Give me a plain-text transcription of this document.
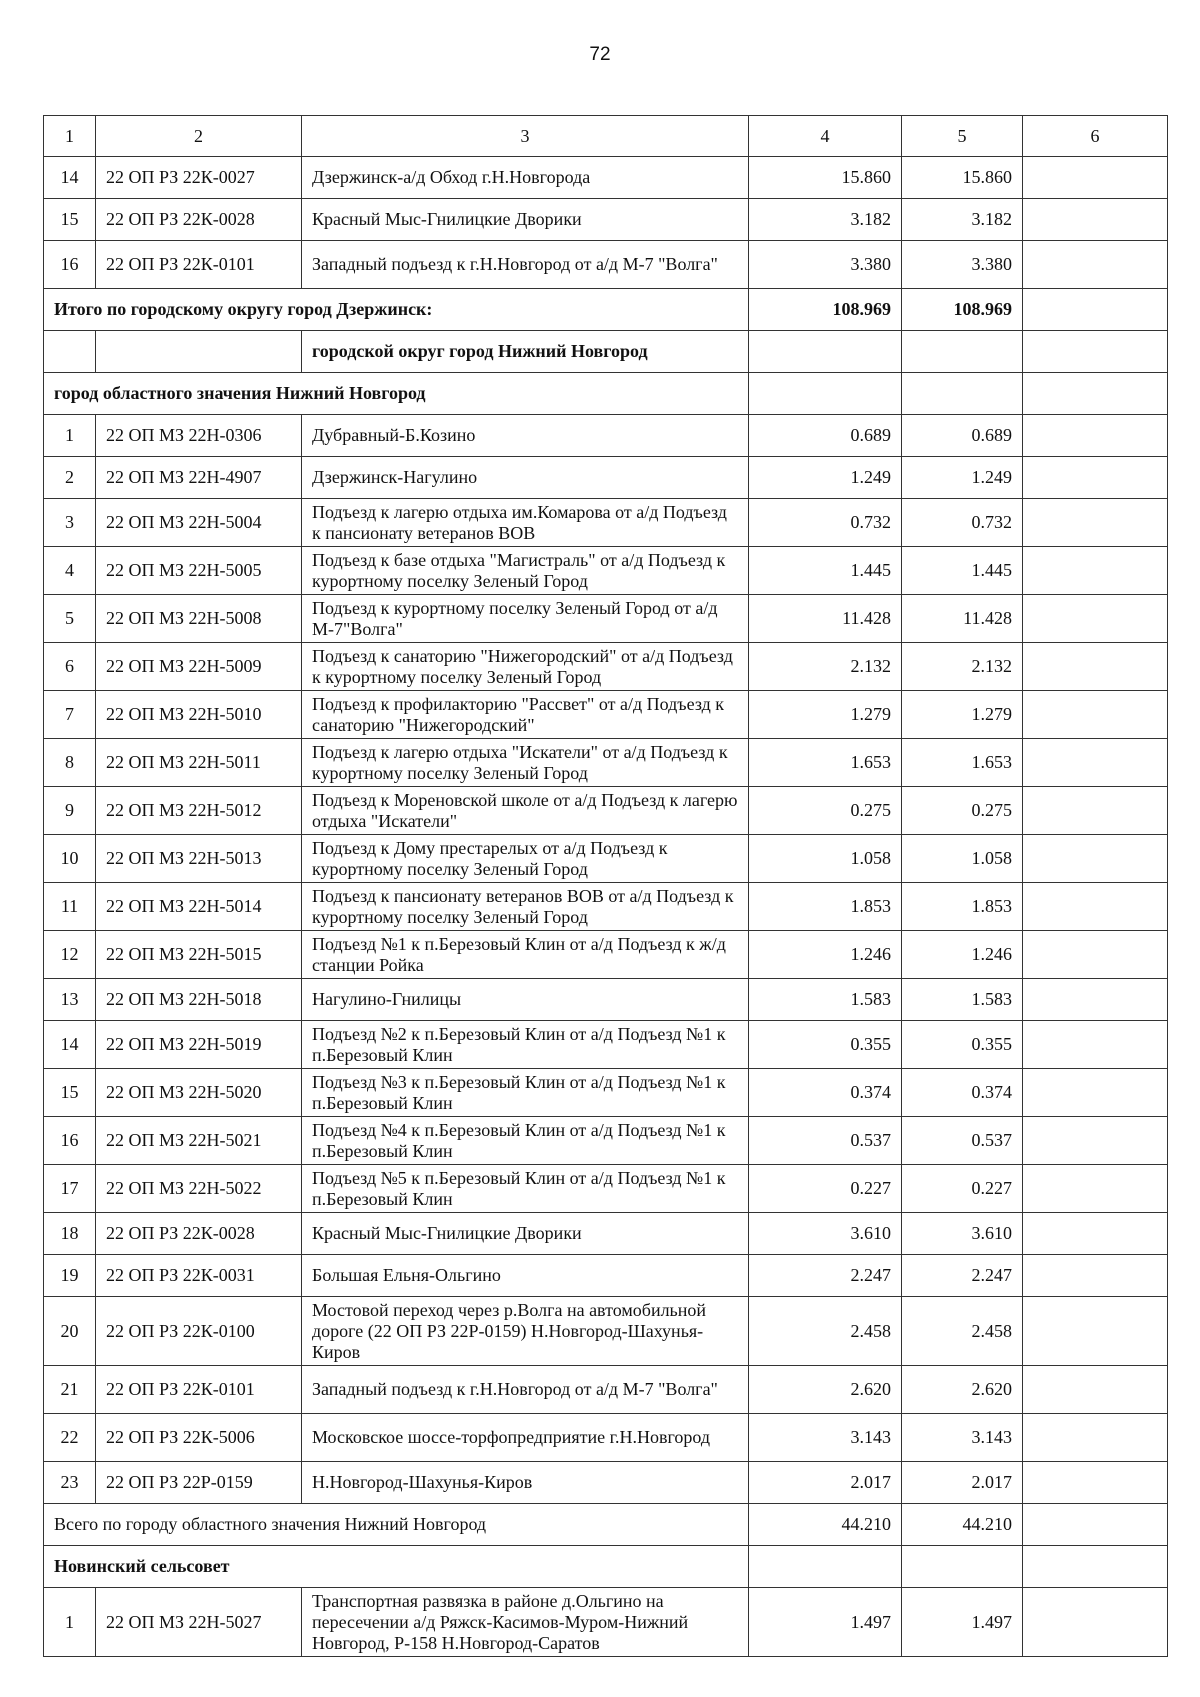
72
1	2	3	4	5	6
14	22 ОП РЗ 22К-0027	Дзержинск-а/д Обход г.Н.Новгорода	15.860	15.860	
15	22 ОП РЗ 22К-0028	Красный Мыс-Гнилицкие Дворики	3.182	3.182	
16	22 ОП РЗ 22К-0101	Западный подъезд к г.Н.Новгород от а/д М-7 "Волга"	3.380	3.380	
Итого по городскому округу город Дзержинск:			108.969	108.969	
		городской округ город Нижний Новгород			
город областного значения Нижний Новгород					
1	22 ОП МЗ 22Н-0306	Дубравный-Б.Козино	0.689	0.689	
2	22 ОП МЗ 22Н-4907	Дзержинск-Нагулино	1.249	1.249	
3	22 ОП МЗ 22Н-5004	Подъезд к лагерю отдыха им.Комарова от а/д Подъезд к пансионату ветеранов ВОВ	0.732	0.732	
4	22 ОП МЗ 22Н-5005	Подъезд к базе отдыха "Магистраль" от а/д Подъезд к курортному поселку Зеленый Город	1.445	1.445	
5	22 ОП МЗ 22Н-5008	Подъезд к курортному поселку Зеленый Город от а/д М-7"Волга"	11.428	11.428	
6	22 ОП МЗ 22Н-5009	Подъезд к санаторию "Нижегородский" от а/д Подъезд к курортному поселку Зеленый Город	2.132	2.132	
7	22 ОП МЗ 22Н-5010	Подъезд к профилакторию "Рассвет" от а/д Подъезд к санаторию "Нижегородский"	1.279	1.279	
8	22 ОП МЗ 22Н-5011	Подъезд к лагерю отдыха "Искатели" от а/д Подъезд к курортному поселку Зеленый Город	1.653	1.653	
9	22 ОП МЗ 22Н-5012	Подъезд к Мореновской школе от а/д Подъезд к лагерю отдыха "Искатели"	0.275	0.275	
10	22 ОП МЗ 22Н-5013	Подъезд к Дому престарелых от а/д Подъезд к курортному поселку Зеленый Город	1.058	1.058	
11	22 ОП МЗ 22Н-5014	Подъезд к пансионату ветеранов ВОВ от а/д Подъезд к курортному поселку Зеленый Город	1.853	1.853	
12	22 ОП МЗ 22Н-5015	Подъезд №1 к п.Березовый Клин от а/д Подъезд к ж/д станции Ройка	1.246	1.246	
13	22 ОП МЗ 22Н-5018	Нагулино-Гнилицы	1.583	1.583	
14	22 ОП МЗ 22Н-5019	Подъезд №2 к п.Березовый Клин от а/д Подъезд №1 к п.Березовый Клин	0.355	0.355	
15	22 ОП МЗ 22Н-5020	Подъезд №3 к п.Березовый Клин от а/д Подъезд №1 к п.Березовый Клин	0.374	0.374	
16	22 ОП МЗ 22Н-5021	Подъезд №4 к п.Березовый Клин от а/д Подъезд №1 к п.Березовый Клин	0.537	0.537	
17	22 ОП МЗ 22Н-5022	Подъезд №5 к п.Березовый Клин от а/д Подъезд №1 к п.Березовый Клин	0.227	0.227	
18	22 ОП РЗ 22К-0028	Красный Мыс-Гнилицкие Дворики	3.610	3.610	
19	22 ОП РЗ 22К-0031	Большая Ельня-Ольгино	2.247	2.247	
20	22 ОП РЗ 22К-0100	Мостовой переход через р.Волга на автомобильной дороге (22 ОП РЗ 22Р-0159) Н.Новгород-Шахунья-Киров	2.458	2.458	
21	22 ОП РЗ 22К-0101	Западный подъезд к г.Н.Новгород от а/д М-7 "Волга"	2.620	2.620	
22	22 ОП РЗ 22К-5006	Московское шоссе-торфопредприятие г.Н.Новгород	3.143	3.143	
23	22 ОП РЗ 22Р-0159	Н.Новгород-Шахунья-Киров	2.017	2.017	
Всего по городу областного значения Нижний Новгород			44.210	44.210	
Новинский сельсовет					
1	22 ОП МЗ 22Н-5027	Транспортная развязка в районе д.Ольгино на пересечении а/д Ряжск-Касимов-Муром-Нижний Новгород, Р-158 Н.Новгород-Саратов	1.497	1.497	
